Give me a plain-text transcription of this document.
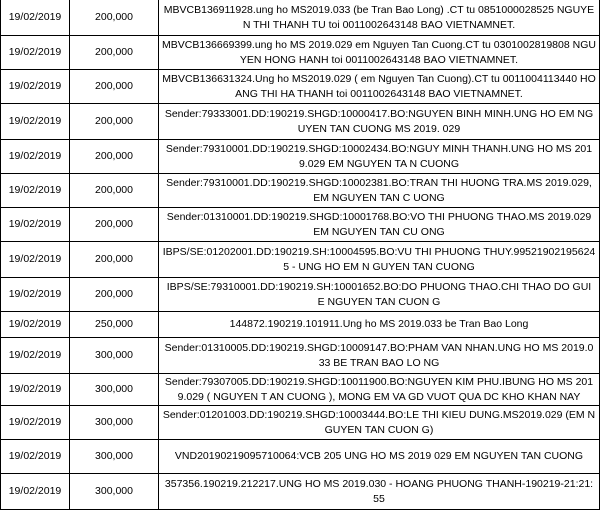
19/02/2019	200,000	MBVCB136911928.ung ho MS2019.033 (be Tran Bao Long) .CT tu 0851000028525 NGUYEN THI THANH TU toi 0011002643148 BAO VIETNAMNET.
19/02/2019	200,000	MBVCB136669399.ung ho MS 2019.029 em Nguyen Tan Cuong.CT tu 0301002819808 NGUYEN HONG HANH toi 0011002643148 BAO VIETNAMNET.
19/02/2019	200,000	MBVCB136631324.Ung ho MS2019.029 ( em Nguyen Tan Cuong).CT tu 0011004113440 HOANG THI HA THANH toi 0011002643148 BAO VIETNAMNET.
19/02/2019	200,000	Sender:79333001.DD:190219.SHGD:10000417.BO:NGUYEN BINH MINH.UNG HO EM NGUYEN TAN CUONG MS 2019. 029
19/02/2019	200,000	Sender:79310001.DD:190219.SHGD:10002434.BO:NGUY MINH THANH.UNG HO MS 2019.029 EM NGUYEN TA N CUONG
19/02/2019	200,000	Sender:79310001.DD:190219.SHGD:10002381.BO:TRAN THI HUONG TRA.MS 2019.029, EM NGUYEN TAN C UONG
19/02/2019	200,000	Sender:01310001.DD:190219.SHGD:10001768.BO:VO THI PHUONG THAO.MS 2019.029 EM NGUYEN TAN CU ONG
19/02/2019	200,000	IBPS/SE:01202001.DD:190219.SH:10004595.BO:VU THI PHUONG THUY.995219021956245 - UNG HO EM N GUYEN TAN CUONG
19/02/2019	200,000	IBPS/SE:79310001.DD:190219.SH:10001652.BO:DO PHUONG THAO.CHI THAO DO GUI E NGUYEN TAN CUON G
19/02/2019	250,000	144872.190219.101911.Ung ho MS 2019.033 be Tran Bao Long
19/02/2019	300,000	Sender:01310005.DD:190219.SHGD:10009147.BO:PHAM VAN NHAN.UNG HO MS 2019.033 BE TRAN BAO LO NG
19/02/2019	300,000	Sender:79307005.DD:190219.SHGD:10011900.BO:NGUYEN KIM PHU.IBUNG HO MS 2019.029 ( NGUYEN T AN CUONG ), MONG EM VA GD VUOT QUA DC KHO KHAN NAY
19/02/2019	300,000	Sender:01201003.DD:190219.SHGD:10003444.BO:LE THI KIEU DUNG.MS2019.029 (EM NGUYEN TAN CUON G)
19/02/2019	300,000	VND20190219095710064:VCB 205 UNG HO MS 2019 029 EM NGUYEN TAN CUONG
19/02/2019	300,000	357356.190219.212217.UNG HO MS 2019.030 - HOANG PHUONG THANH-190219-21:21:55
